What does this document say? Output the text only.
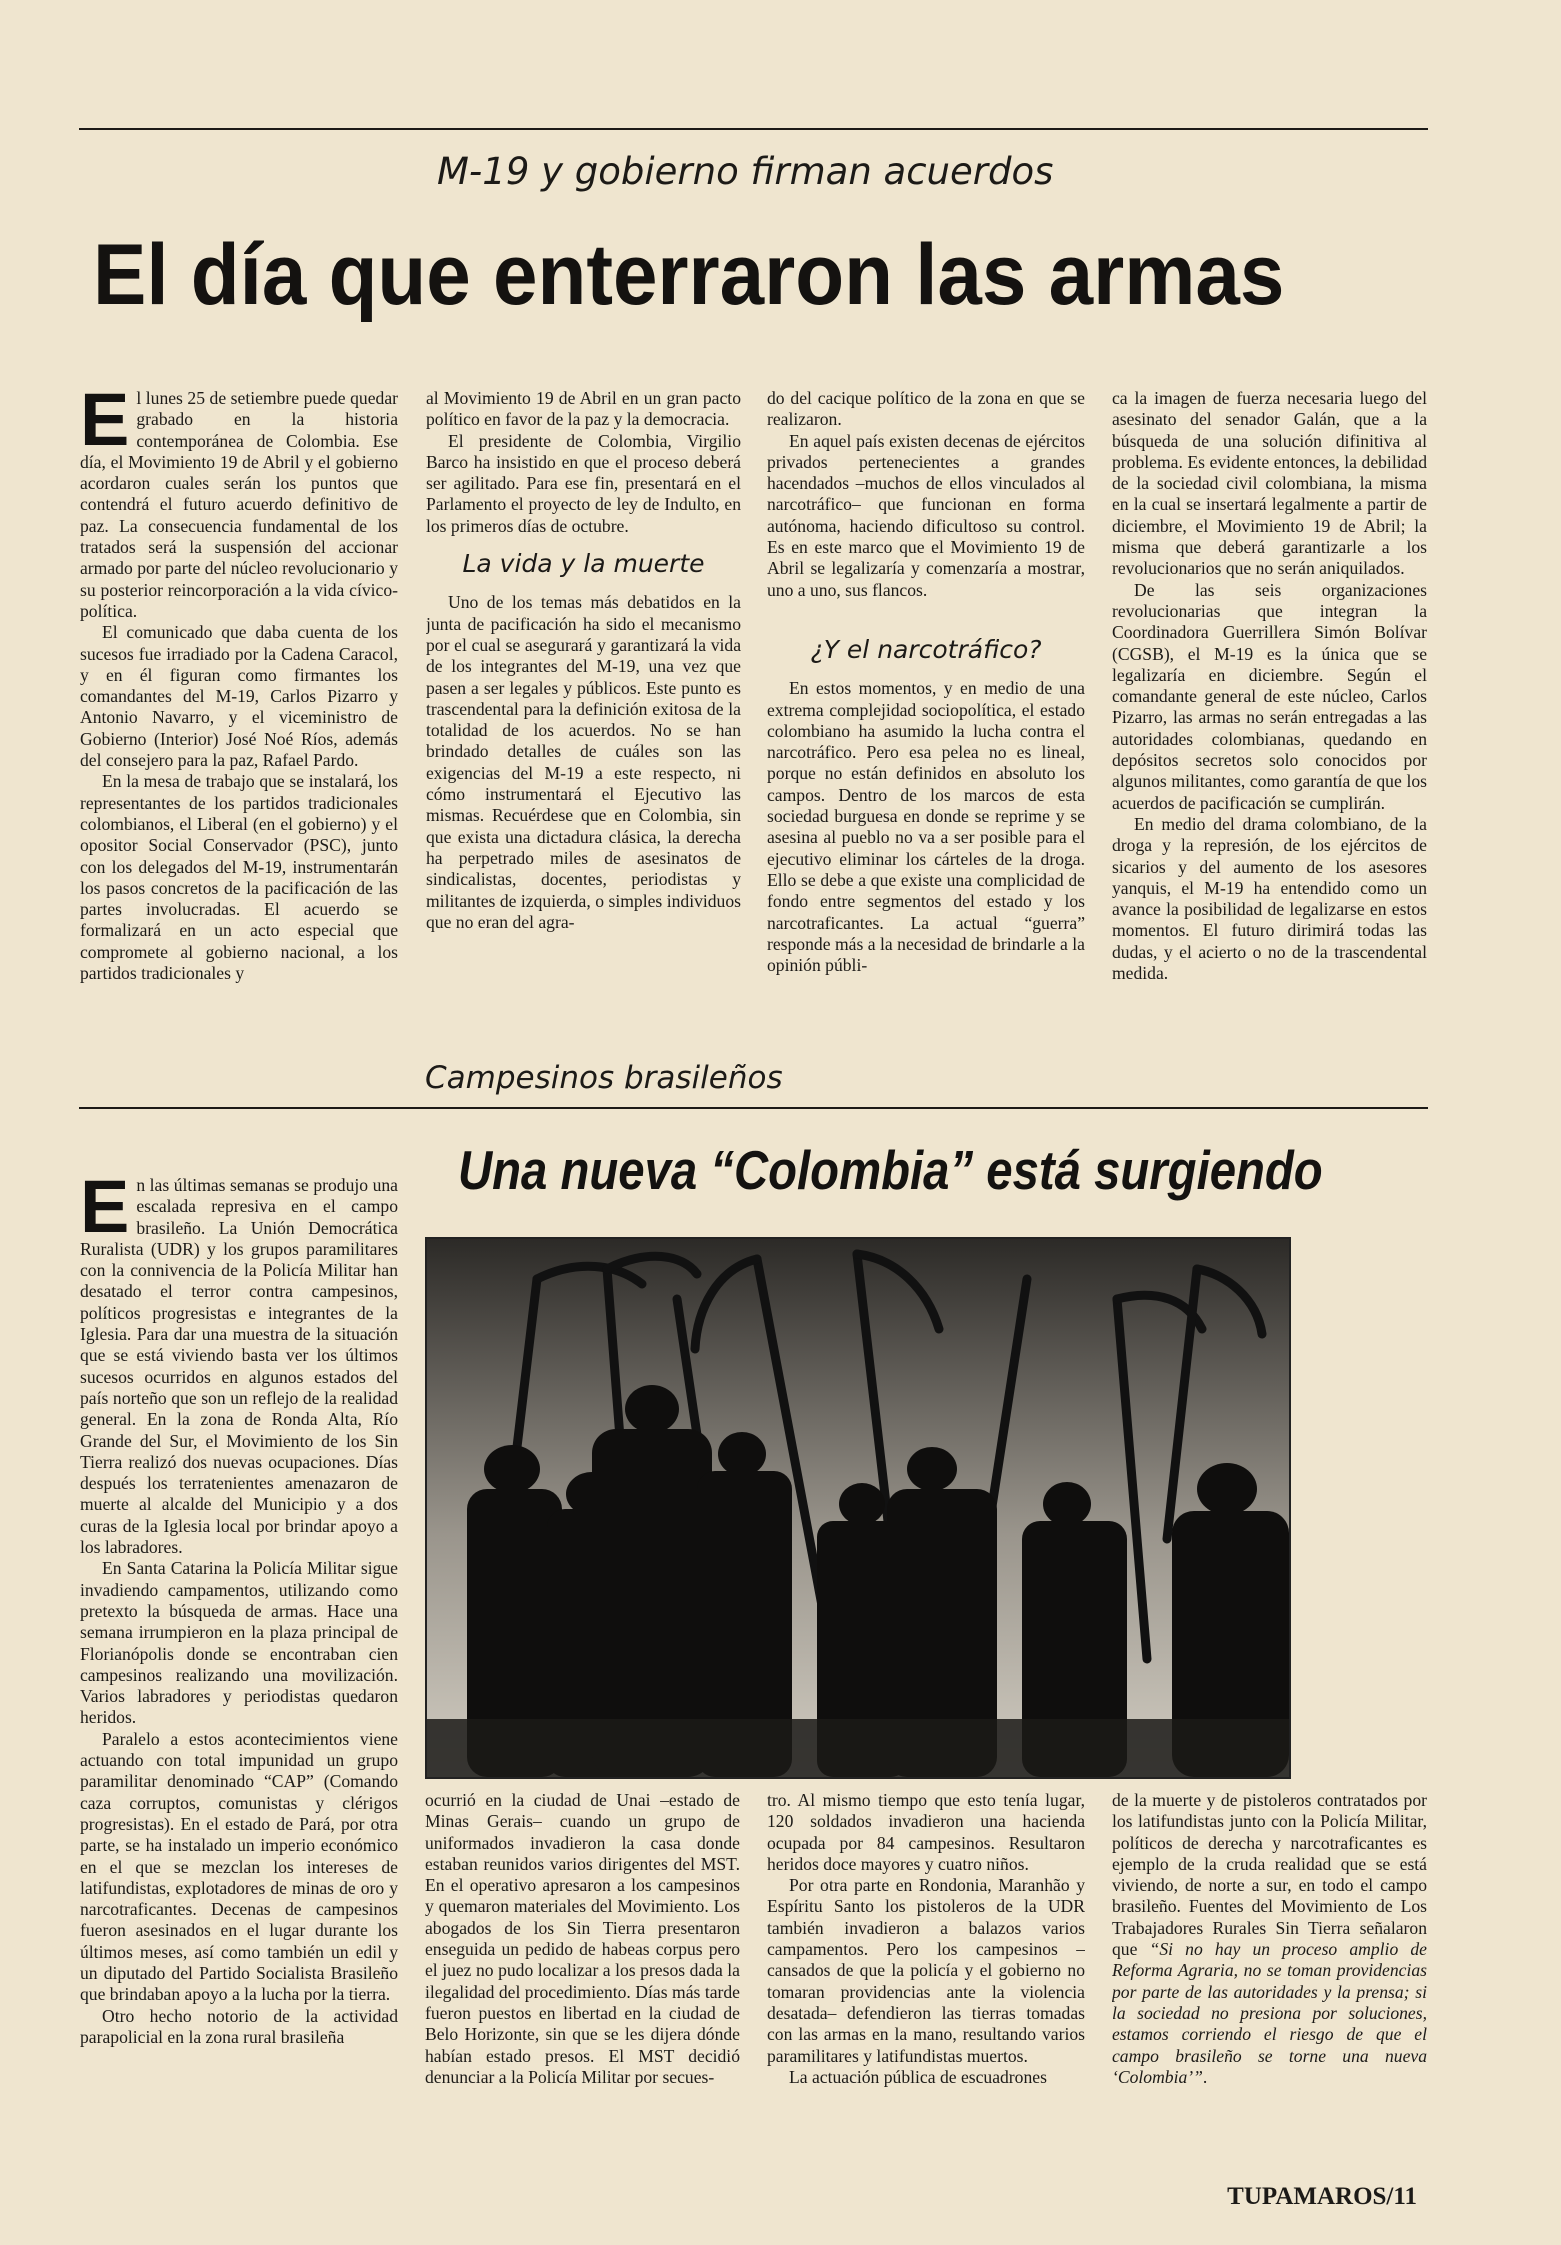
M-19 y gobierno firman acuerdos
El día que enterraron las armas

El lunes 25 de setiembre puede quedar grabado en la historia contemporánea de Colombia. Ese día, el Movimiento 19 de Abril y el gobierno acordaron cuales serán los puntos que contendrá el futuro acuerdo definitivo de paz. La consecuencia fundamental de los tratados será la suspensión del accionar armado por parte del núcleo revolucionario y su posterior reincorporación a la vida cívico-política.

El comunicado que daba cuenta de los sucesos fue irradiado por la Cadena Caracol, y en él figuran como firmantes los comandantes del M-19, Carlos Pizarro y Antonio Navarro, y el viceministro de Gobierno (Interior) José Noé Ríos, además del consejero para la paz, Rafael Pardo.

En la mesa de trabajo que se instalará, los representantes de los partidos tradicionales colombianos, el Liberal (en el gobierno) y el opositor Social Conservador (PSC), junto con los delegados del M-19, instrumentarán los pasos concretos de la pacificación de las partes involucradas. El acuerdo se formalizará en un acto especial que compromete al gobierno nacional, a los partidos tradicionales y

al Movimiento 19 de Abril en un gran pacto político en favor de la paz y la democracia.

El presidente de Colombia, Virgilio Barco ha insistido en que el proceso deberá ser agilitado. Para ese fin, presentará en el Parlamento el proyecto de ley de Indulto, en los primeros días de octubre.

La vida y la muerte

Uno de los temas más debatidos en la junta de pacificación ha sido el mecanismo por el cual se asegurará y garantizará la vida de los integrantes del M-19, una vez que pasen a ser legales y públicos. Este punto es trascendental para la definición exitosa de la totalidad de los acuerdos. No se han brindado detalles de cuáles son las exigencias del M-19 a este respecto, ni cómo instrumentará el Ejecutivo las mismas. Recuérdese que en Colombia, sin que exista una dictadura clásica, la derecha ha perpetrado miles de asesinatos de sindicalistas, docentes, periodistas y militantes de izquierda, o simples individuos que no eran del agra-

do del cacique político de la zona en que se realizaron.

En aquel país existen decenas de ejércitos privados pertenecientes a grandes hacendados –muchos de ellos vinculados al narcotráfico– que funcionan en forma autónoma, haciendo dificultoso su control. Es en este marco que el Movimiento 19 de Abril se legalizaría y comenzaría a mostrar, uno a uno, sus flancos.

¿Y el narcotráfico?

En estos momentos, y en medio de una extrema complejidad sociopolítica, el estado colombiano ha asumido la lucha contra el narcotráfico. Pero esa pelea no es lineal, porque no están definidos en absoluto los campos. Dentro de los marcos de esta sociedad burguesa en donde se reprime y se asesina al pueblo no va a ser posible para el ejecutivo eliminar los cárteles de la droga. Ello se debe a que existe una complicidad de fondo entre segmentos del estado y los narcotraficantes. La actual “guerra” responde más a la necesidad de brindarle a la opinión públi-

ca la imagen de fuerza necesaria luego del asesinato del senador Galán, que a la búsqueda de una solución difinitiva al problema. Es evidente entonces, la debilidad de la sociedad civil colombiana, la misma en la cual se insertará legalmente a partir de diciembre, el Movimiento 19 de Abril; la misma que deberá garantizarle a los revolucionarios que no serán aniquilados.

De las seis organizaciones revolucionarias que integran la Coordinadora Guerrillera Simón Bolívar (CGSB), el M-19 es la única que se legalizaría en diciembre. Según el comandante general de este núcleo, Carlos Pizarro, las armas no serán entregadas a las autoridades colombianas, quedando en depósitos secretos solo conocidos por algunos militantes, como garantía de que los acuerdos de pacificación se cumplirán.

En medio del drama colombiano, de la droga y la represión, de los ejércitos de sicarios y del aumento de los asesores yanquis, el M-19 ha entendido como un avance la posibilidad de legalizarse en estos momentos. El futuro dirimirá todas las dudas, y el acierto o no de la trascendental medida.

Campesinos brasileños
Una nueva “Colombia” está surgiendo

En las últimas semanas se produjo una escalada represiva en el campo brasileño. La Unión Democrática Ruralista (UDR) y los grupos paramilitares con la connivencia de la Policía Militar han desatado el terror contra campesinos, políticos progresistas e integrantes de la Iglesia. Para dar una muestra de la situación que se está viviendo basta ver los últimos sucesos ocurridos en algunos estados del país norteño que son un reflejo de la realidad general. En la zona de Ronda Alta, Río Grande del Sur, el Movimiento de los Sin Tierra realizó dos nuevas ocupaciones. Días después los terratenientes amenazaron de muerte al alcalde del Municipio y a dos curas de la Iglesia local por brindar apoyo a los labradores.

En Santa Catarina la Policía Militar sigue invadiendo campamentos, utilizando como pretexto la búsqueda de armas. Hace una semana irrumpieron en la plaza principal de Florianópolis donde se encontraban cien campesinos realizando una movilización. Varios labradores y periodistas quedaron heridos.

Paralelo a estos acontecimientos viene actuando con total impunidad un grupo paramilitar denominado “CAP” (Comando caza corruptos, comunistas y clérigos progresistas). En el estado de Pará, por otra parte, se ha instalado un imperio económico en el que se mezclan los intereses de latifundistas, explotadores de minas de oro y narcotraficantes. Decenas de campesinos fueron asesinados en el lugar durante los últimos meses, así como también un edil y un diputado del Partido Socialista Brasileño que brindaban apoyo a la lucha por la tierra.

Otro hecho notorio de la actividad parapolicial en la zona rural brasileña

ocurrió en la ciudad de Unai –estado de Minas Gerais– cuando un grupo de uniformados invadieron la casa donde estaban reunidos varios dirigentes del MST. En el operativo apresaron a los campesinos y quemaron materiales del Movimiento. Los abogados de los Sin Tierra presentaron enseguida un pedido de habeas corpus pero el juez no pudo localizar a los presos dada la ilegalidad del procedimiento. Días más tarde fueron puestos en libertad en la ciudad de Belo Horizonte, sin que se les dijera dónde habían estado presos. El MST decidió denunciar a la Policía Militar por secues-

tro. Al mismo tiempo que esto tenía lugar, 120 soldados invadieron una hacienda ocupada por 84 campesinos. Resultaron heridos doce mayores y cuatro niños.

Por otra parte en Rondonia, Maranhão y Espíritu Santo los pistoleros de la UDR también invadieron a balazos varios campamentos. Pero los campesinos –cansados de que la policía y el gobierno no tomaran providencias ante la violencia desatada– defendieron las tierras tomadas con las armas en la mano, resultando varios paramilitares y latifundistas muertos.

La actuación pública de escuadrones

de la muerte y de pistoleros contratados por los latifundistas junto con la Policía Militar, políticos de derecha y narcotraficantes es ejemplo de la cruda realidad que se está viviendo, de norte a sur, en todo el campo brasileño. Fuentes del Movimiento de Los Trabajadores Rurales Sin Tierra señalaron que “Si no hay un proceso amplio de Reforma Agraria, no se toman providencias por parte de las autoridades y la prensa; si la sociedad no presiona por soluciones, estamos corriendo el riesgo de que el campo brasileño se torne una nueva ‘Colombia’”.

TUPAMAROS/11
